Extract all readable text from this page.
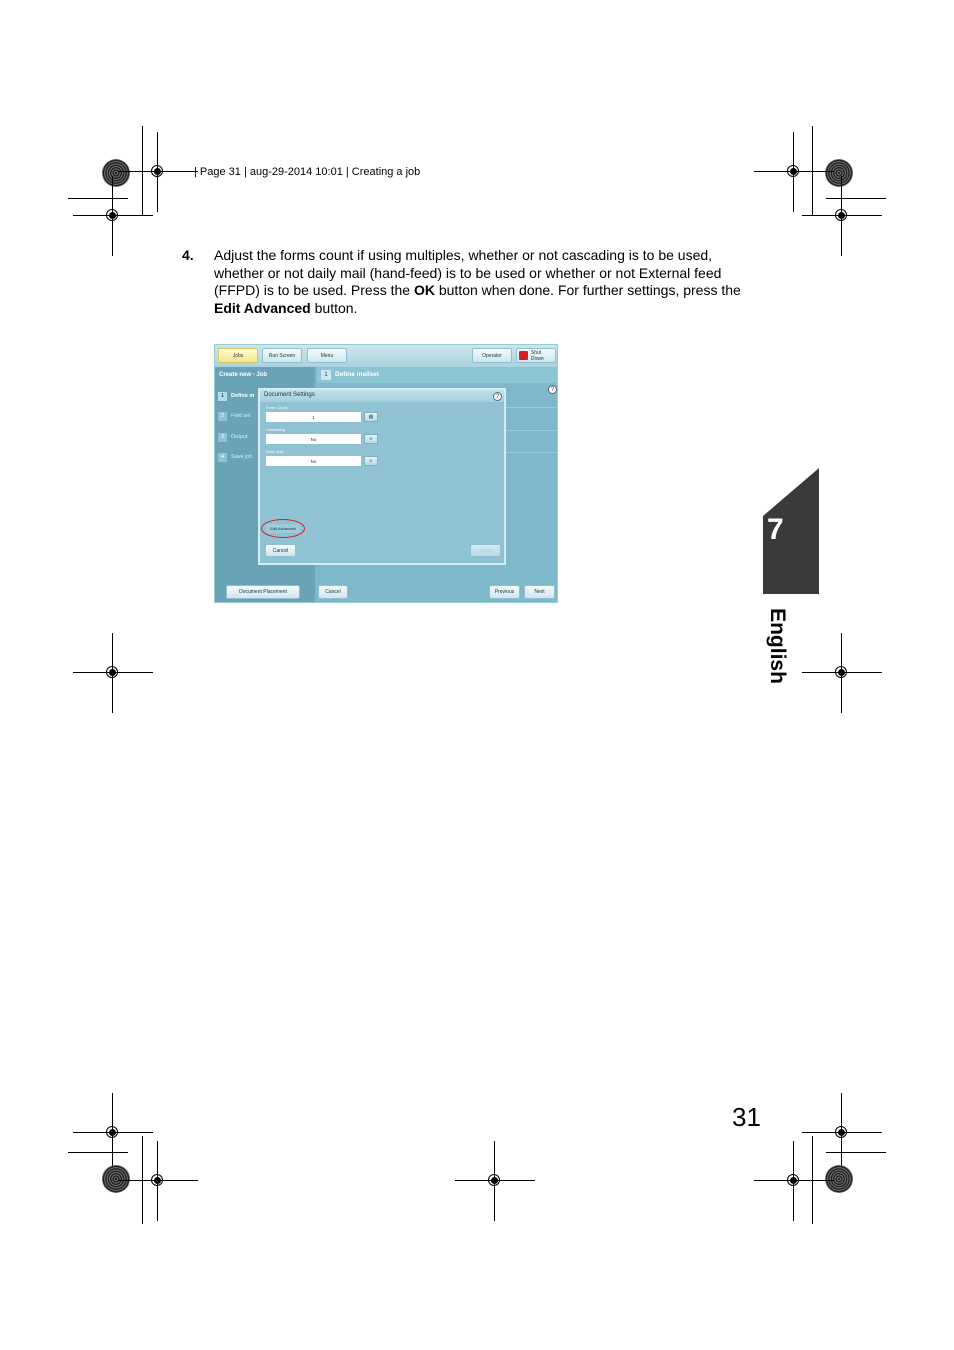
| Page 31 | aug-29-2014 10:01 | Creating a job
4. Adjust the forms count if using multiples, whether or not cascading is to be used, whether or not daily mail (hand-feed) is to be used or whether or not External feed (FFPD) is to be used. Press the OK button when done. For further settings, press the Edit Advanced button.
Jobs	Run Screen	Menu	Operator	Shut Down
Create new - Job
1	Define m
2	Fold set
3	Output
4	Save job
1	Define mailset
?
Document Settings	?
Form Count
1	▦
Cascading
No	≡
Daily Mail
No	≡
Edit Advanced
Cancel	Save
Document Placement	Cancel	Previous	Next
7
English
31
